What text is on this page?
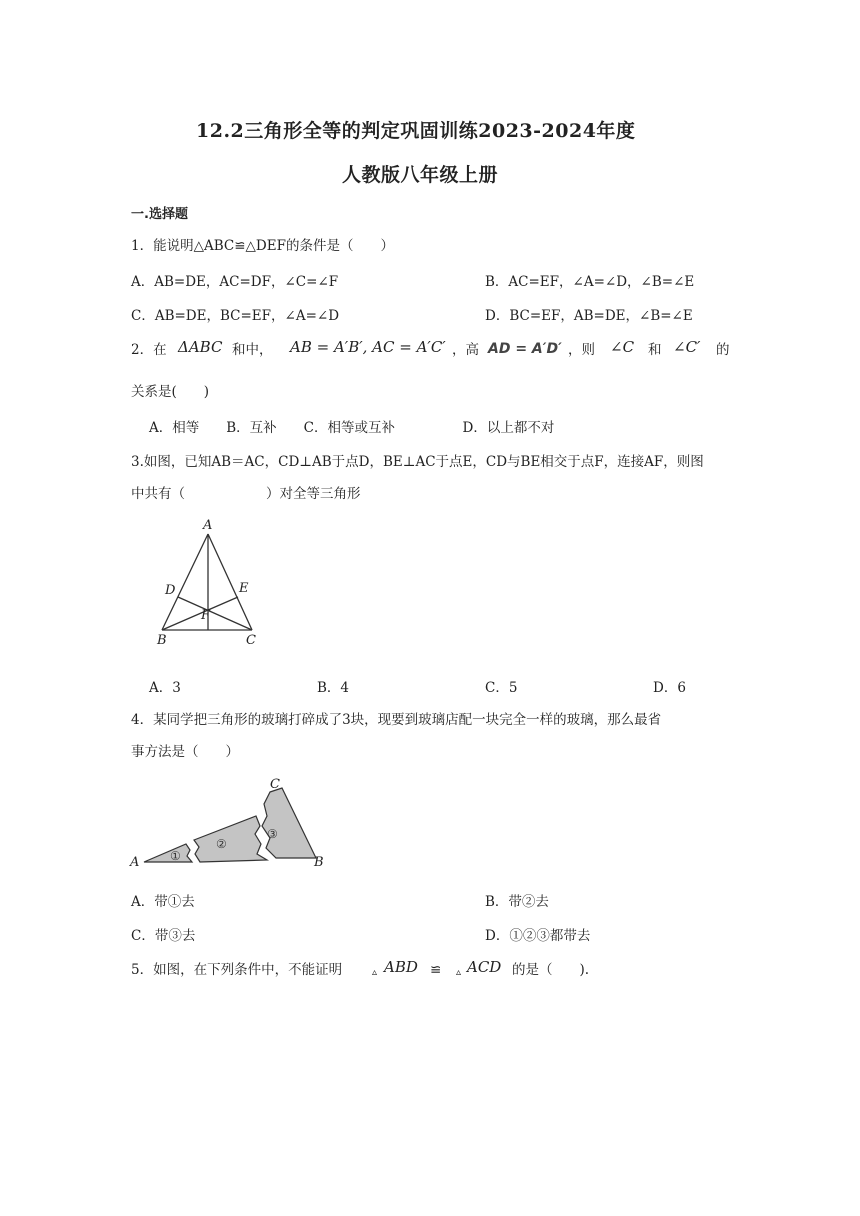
12.2三角形全等的判定巩固训练2023-2024年度
人教版八年级上册
一.选择题
1．能说明△ABC≌△DEF的条件是（　　）
A．AB=DE，AC=DF，∠C=∠F	B．AC=EF，∠A=∠D，∠B=∠E
C．AB=DE，BC=EF，∠A=∠D	D．BC=EF，AB=DE，∠B=∠E
2．在 ΔABC 和中， AB = A′B′, AC = A′C′ ，高 AD = A′D′ ，则 ∠C 和 ∠C′ 的
关系是(　　)
A．相等　　B．互补　　C．相等或互补　　　　　D．以上都不对
3.如图，已知AB＝AC，CD⊥AB于点D，BE⊥AC于点E，CD与BE相交于点F，连接AF，则图
中共有（　　　　　　）对全等三角形
A
D	E
F
B	C
A．3	B．4	C．5	D．6
4．某同学把三角形的玻璃打碎成了3块，现要到玻璃店配一块完全一样的玻璃，那么最省
事方法是（　　）
①
②
③
A	B
C
A．带①去	B．带②去
C．带③去	D．①②③都带去
5．如图，在下列条件中，不能证明	▵ ABD ≌ ▵ ACD 的是（　　).
